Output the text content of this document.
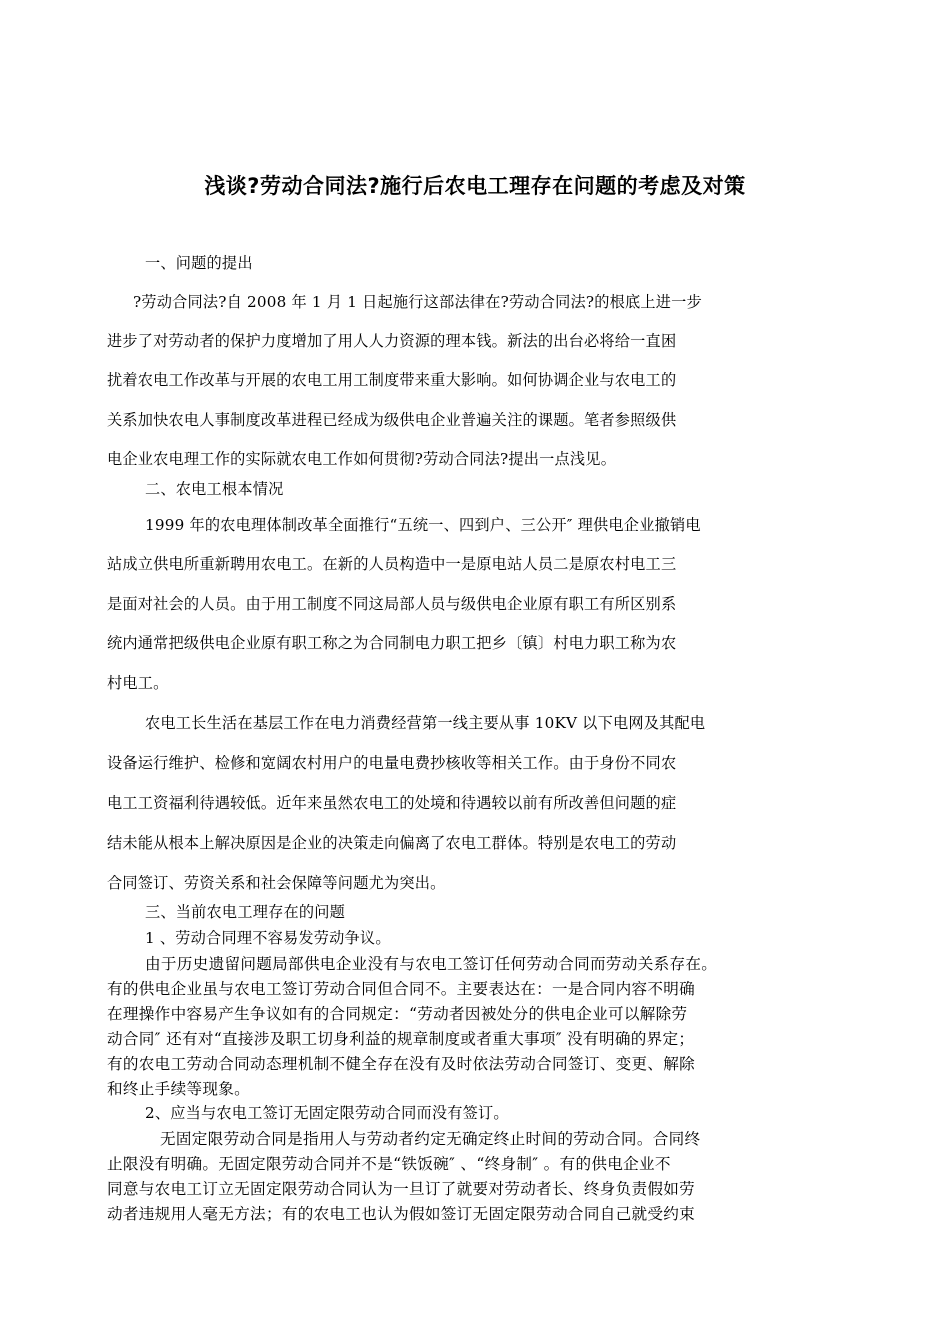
浅谈?劳动合同法?施行后农电工理存在问题的考虑及对策
一、问题的提出
?劳动合同法?自 2008 年 1 月 1 日起施行这部法律在?劳动合同法?的根底上进一步
进步了对劳动者的保护力度增加了用人人力资源的理本钱。新法的出台必将给一直困
扰着农电工作改革与开展的农电工用工制度带来重大影响。如何协调企业与农电工的
关系加快农电人事制度改革进程已经成为级供电企业普遍关注的课题。笔者参照级供
电企业农电理工作的实际就农电工作如何贯彻?劳动合同法?提出一点浅见。
二、农电工根本情况
1999 年的农电理体制改革全面推行“五统一、四到户、三公开″ 理供电企业撤销电
站成立供电所重新聘用农电工。在新的人员构造中一是原电站人员二是原农村电工三
是面对社会的人员。由于用工制度不同这局部人员与级供电企业原有职工有所区别系
统内通常把级供电企业原有职工称之为合同制电力职工把乡〔镇〕村电力职工称为农
村电工。
农电工长生活在基层工作在电力消费经营第一线主要从事 10KV 以下电网及其配电
设备运行维护、检修和宽阔农村用户的电量电费抄核收等相关工作。由于身份不同农
电工工资福利待遇较低。近年来虽然农电工的处境和待遇较以前有所改善但问题的症
结未能从根本上解决原因是企业的决策走向偏离了农电工群体。特别是农电工的劳动
合同签订、劳资关系和社会保障等问题尤为突出。
三、当前农电工理存在的问题
1 、劳动合同理不容易发劳动争议。
由于历史遗留问题局部供电企业没有与农电工签订任何劳动合同而劳动关系存在。
有的供电企业虽与农电工签订劳动合同但合同不。主要表达在：一是合同内容不明确
在理操作中容易产生争议如有的合同规定：“劳动者因被处分的供电企业可以解除劳
动合同″ 还有对“直接涉及职工切身利益的规章制度或者重大事项″ 没有明确的界定；
有的农电工劳动合同动态理机制不健全存在没有及时依法劳动合同签订、变更、解除
和终止手续等现象。
2、应当与农电工签订无固定限劳动合同而没有签订。
无固定限劳动合同是指用人与劳动者约定无确定终止时间的劳动合同。合同终
止限没有明确。无固定限劳动合同并不是“铁饭碗″ 、“终身制″ 。有的供电企业不
同意与农电工订立无固定限劳动合同认为一旦订了就要对劳动者长、终身负责假如劳
动者违规用人毫无方法；有的农电工也认为假如签订无固定限劳动合同自己就受约束
